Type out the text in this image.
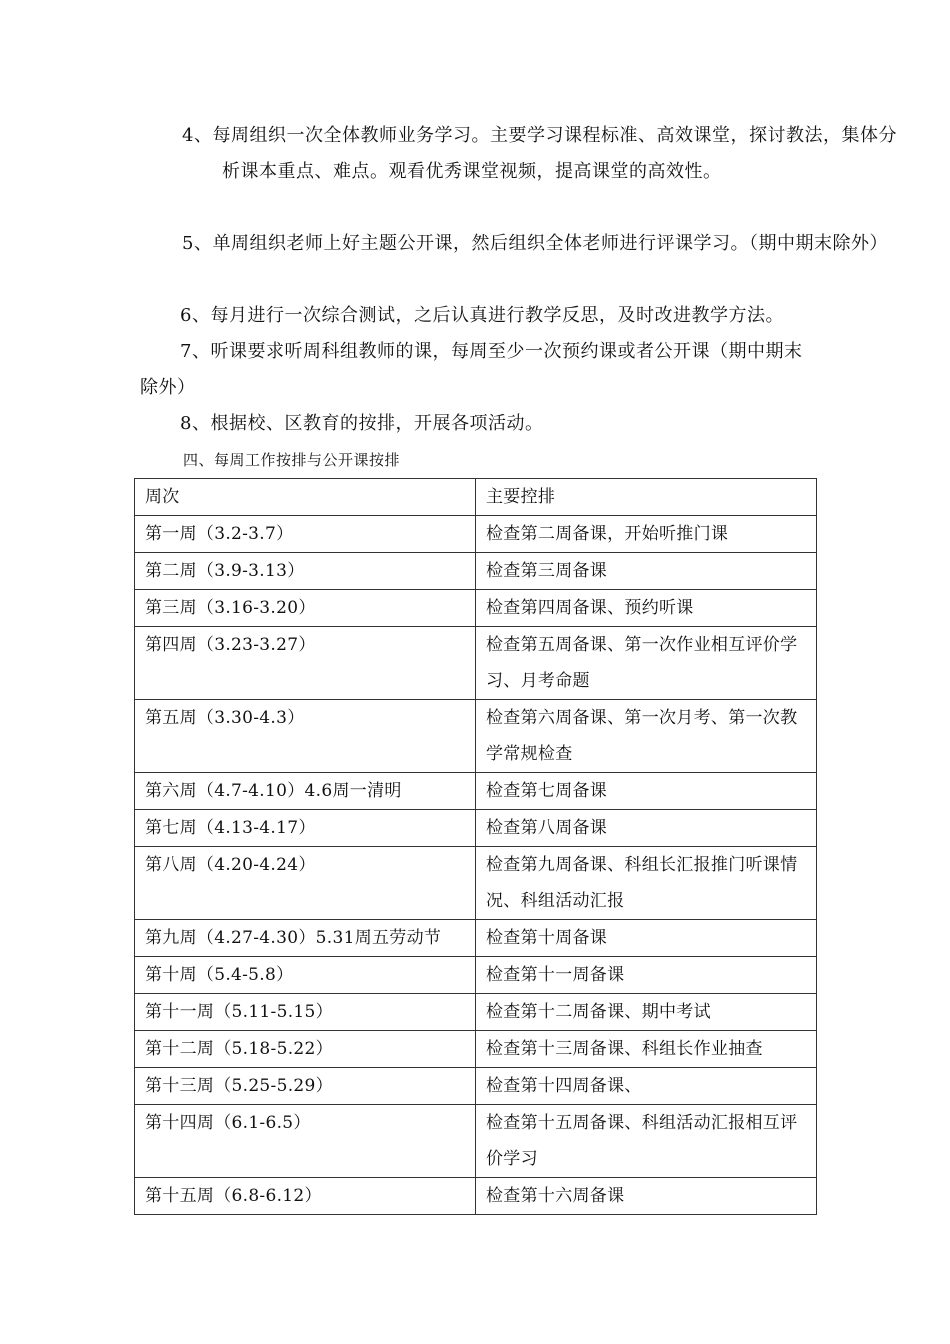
4、每周组织一次全体教师业务学习。主要学习课程标准、高效课堂，探讨教法，集体分析课本重点、难点。观看优秀课堂视频，提高课堂的高效性。

5、单周组织老师上好主题公开课，然后组织全体老师进行评课学习。（期中期末除外）

6、每月进行一次综合测试，之后认真进行教学反思，及时改进教学方法。

7、听课要求听周科组教师的课，每周至少一次预约课或者公开课（期中期末除外）

8、根据校、区教育的按排，开展各项活动。

四、每周工作按排与公开课按排
周次	主要控排
第一周（3.2-3.7）	检查第二周备课，开始听推门课
第二周（3.9-3.13）	检查第三周备课
第三周（3.16-3.20）	检查第四周备课、预约听课
第四周（3.23-3.27）	检查第五周备课、第一次作业相互评价学习、月考命题
第五周（3.30-4.3）	检查第六周备课、第一次月考、第一次教学常规检查
第六周（4.7-4.10）4.6周一清明	检查第七周备课
第七周（4.13-4.17）	检查第八周备课
第八周（4.20-4.24）	检查第九周备课、科组长汇报推门听课情况、科组活动汇报
第九周（4.27-4.30）5.31周五劳动节	检查第十周备课
第十周（5.4-5.8）	检查第十一周备课
第十一周（5.11-5.15）	检查第十二周备课、期中考试
第十二周（5.18-5.22）	检查第十三周备课、科组长作业抽查
第十三周（5.25-5.29）	检查第十四周备课、
第十四周（6.1-6.5）	检查第十五周备课、科组活动汇报相互评价学习
第十五周（6.8-6.12）	检查第十六周备课
